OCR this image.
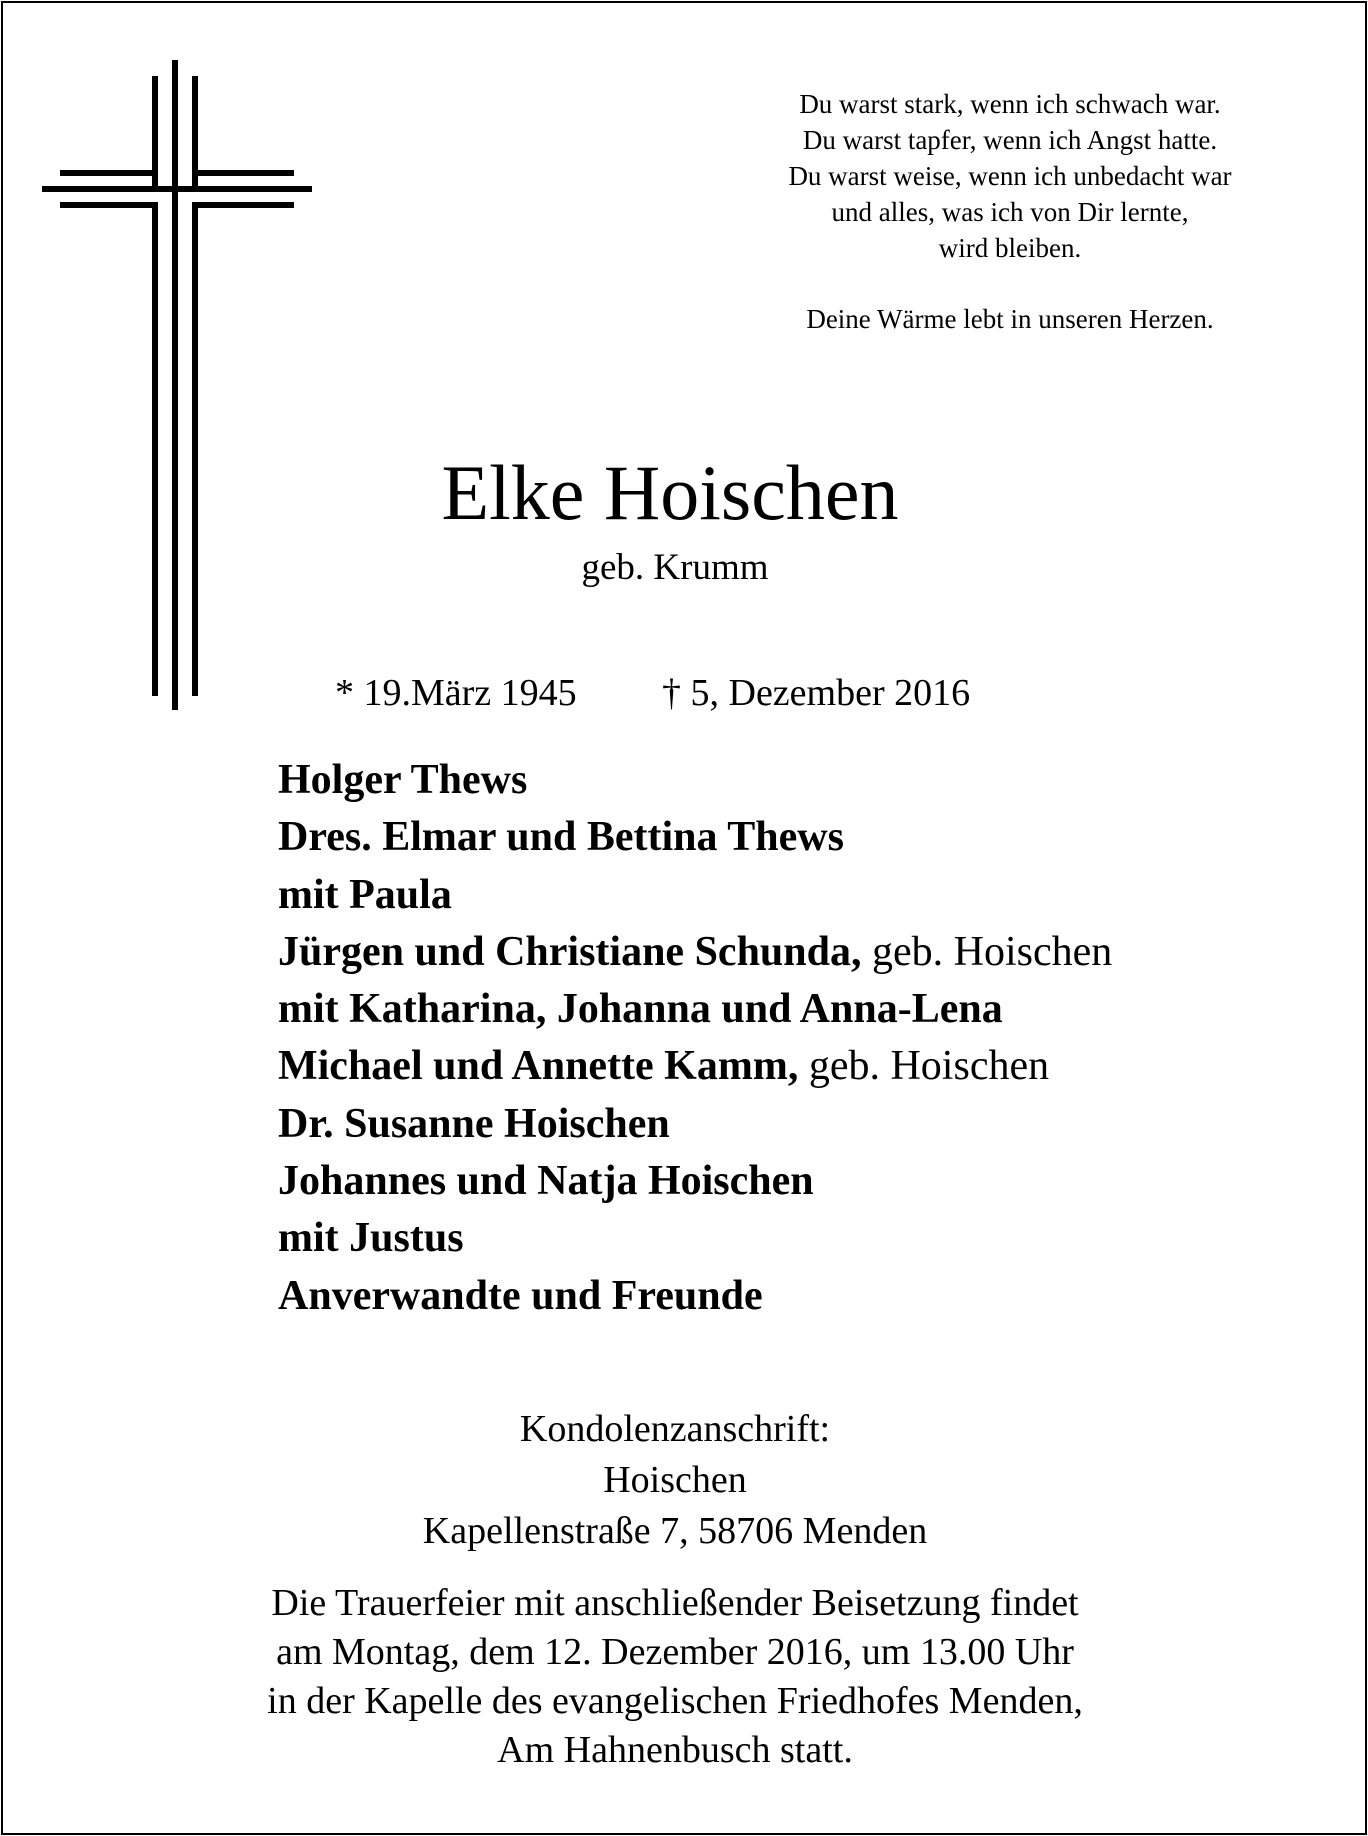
Du warst stark, wenn ich schwach war.
Du warst tapfer, wenn ich Angst hatte.
Du warst weise, wenn ich unbedacht war
und alles, was ich von Dir lernte,
wird bleiben.
Deine Wärme lebt in unseren Herzen.
Elke Hoischen
geb. Krumm
* 19.März 1945 † 5, Dezember 2016
Holger Thews
Dres. Elmar und Bettina Thews
mit Paula
Jürgen und Christiane Schunda, geb. Hoischen
mit Katharina, Johanna und Anna-Lena
Michael und Annette Kamm, geb. Hoischen
Dr. Susanne Hoischen
Johannes und Natja Hoischen
mit Justus
Anverwandte und Freunde
Kondolenzanschrift:
Hoischen
Kapellenstraße 7, 58706 Menden
Die Trauerfeier mit anschließender Beisetzung findet
am Montag, dem 12. Dezember 2016, um 13.00 Uhr
in der Kapelle des evangelischen Friedhofes Menden,
Am Hahnenbusch statt.
